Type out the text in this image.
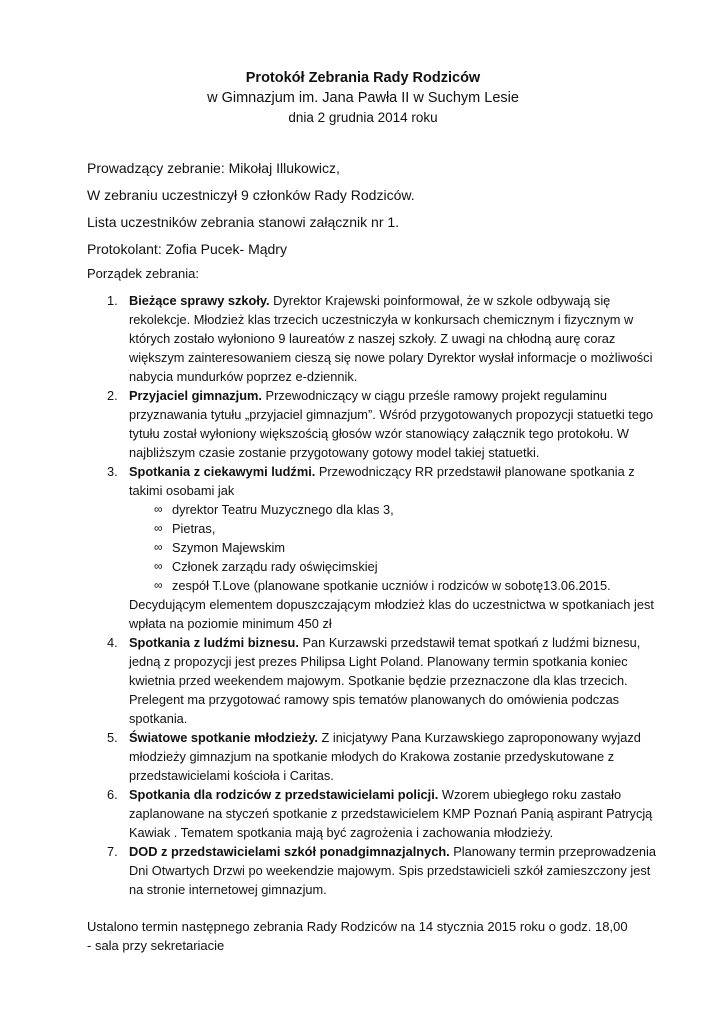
Protokół Zebrania Rady Rodziców

w Gimnazjum im. Jana Pawła II w Suchym Lesie

dnia 2 grudnia 2014 roku

Prowadzący zebranie: Mikołaj Illukowicz,

W zebraniu uczestniczył 9 członków Rady Rodziców.

Lista uczestników zebrania stanowi załącznik nr 1.

Protokolant: Zofia Pucek- Mądry

Porządek zebrania:

1. Bieżące sprawy szkoły. Dyrektor Krajewski poinformował, że w szkole odbywają się rekolekcje. Młodzież klas trzecich uczestniczyła w konkursach chemicznym i fizycznym w których zostało wyłoniono 9 laureatów z naszej szkoły. Z uwagi na chłodną aurę coraz większym zainteresowaniem cieszą się nowe polary Dyrektor wysłał informacje o możliwości nabycia mundurków poprzez e-dziennik.
2. Przyjaciel gimnazjum. Przewodniczący w ciągu prześle ramowy projekt regulaminu przyznawania tytułu „przyjaciel gimnazjum”. Wśród przygotowanych propozycji statuetki tego tytułu został wyłoniony większością głosów wzór stanowiący załącznik tego protokołu. W najbliższym czasie zostanie przygotowany gotowy model takiej statuetki.
3. Spotkania z ciekawymi ludźmi. Przewodniczący RR przedstawił planowane spotkania z takimi osobami jak
∞ dyrektor Teatru Muzycznego dla klas 3,
∞ Pietras,
∞ Szymon Majewskim
∞ Członek zarządu rady oświęcimskiej
∞ zespół T.Love (planowane spotkanie uczniów i rodziców w sobotę13.06.2015.
Decydującym elementem dopuszczającym młodzież klas do uczestnictwa w spotkaniach jest wpłata na poziomie minimum 450 zł
4. Spotkania z ludźmi biznesu. Pan Kurzawski przedstawił temat spotkań z ludźmi biznesu, jedną z propozycji jest prezes Philipsa Light Poland. Planowany termin spotkania koniec kwietnia przed weekendem majowym. Spotkanie będzie przeznaczone dla klas trzecich. Prelegent ma przygotować ramowy spis tematów planowanych do omówienia podczas spotkania.
5. Światowe spotkanie młodzieży. Z inicjatywy Pana Kurzawskiego zaproponowany wyjazd młodzieży gimnazjum na spotkanie młodych do Krakowa zostanie przedyskutowane z przedstawicielami kościoła i Caritas.
6. Spotkania dla rodziców z przedstawicielami policji. Wzorem ubiegłego roku zastało zaplanowane na styczeń spotkanie z przedstawicielem KMP Poznań Panią aspirant Patrycją Kawiak . Tematem spotkania mają być zagrożenia i zachowania młodzieży.
7. DOD z przedstawicielami szkół ponadgimnazjalnych. Planowany termin przeprowadzenia Dni Otwartych Drzwi po weekendzie majowym. Spis przedstawicieli szkół zamieszczony jest na stronie internetowej gimnazjum.

Ustalono termin następnego zebrania Rady Rodziców na 14 stycznia 2015 roku o godz. 18,00 - sala przy sekretariacie
